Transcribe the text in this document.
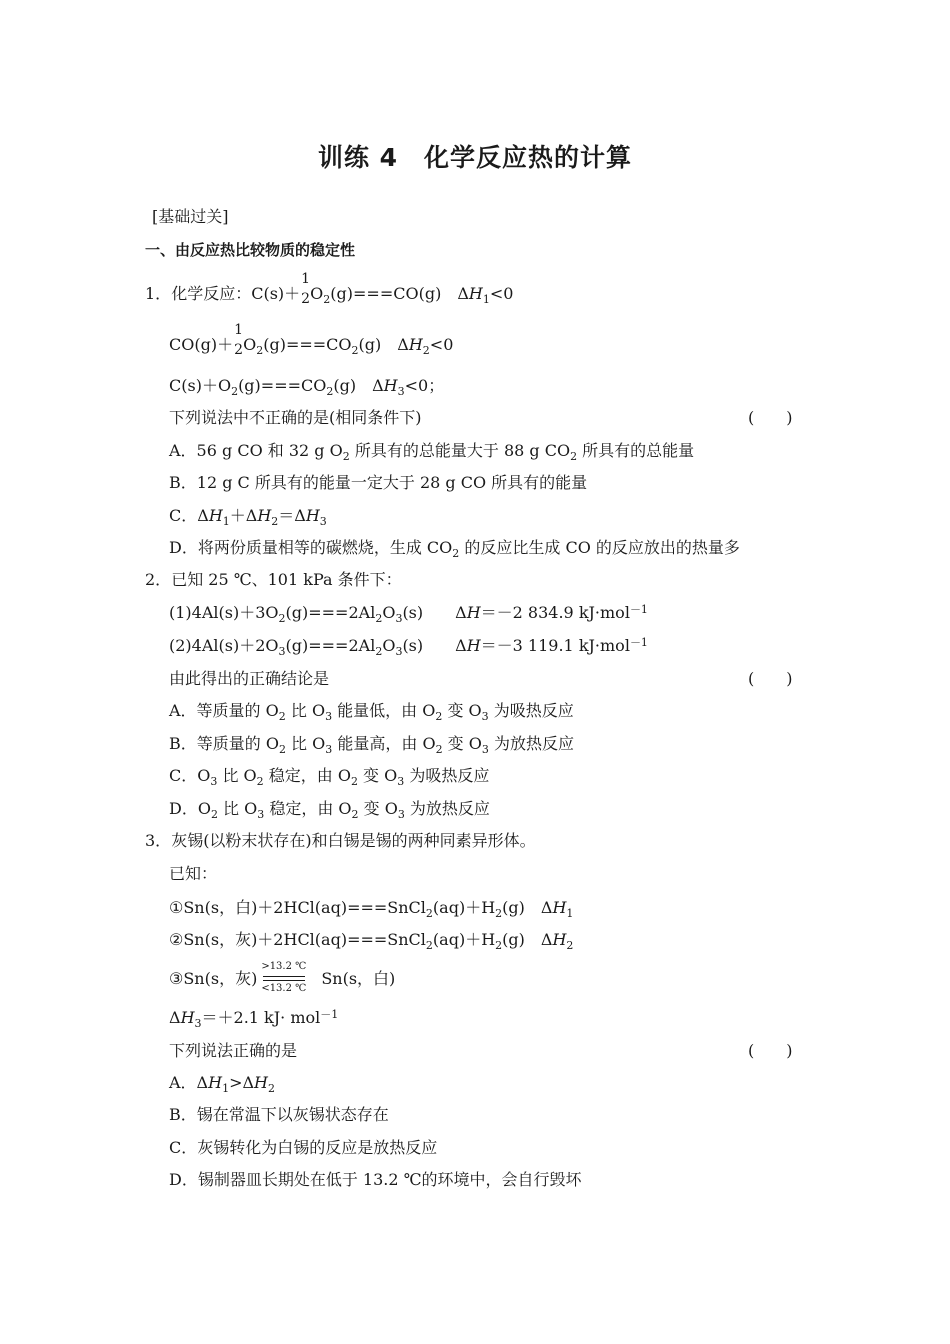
训练 4　化学反应热的计算
[基础过关]
一、由反应热比较物质的稳定性
1．化学反应：C(s)＋
1
2 $O_2(g)===CO(g)$　$\Delta H_1<0$
CO(g)＋
1
2 $O_2(g)===CO_2(g)$　$\Delta H_2<0$
$C(s)+O_2(g)===CO_2(g)$　$\Delta H_3<0$；
下列说法中不正确的是(相同条件下)	(　　)
A．56 g CO 和 32 g $O_2$ 所具有的总能量大于 88 g $CO_2$ 所具有的总能量
B．12 g C 所具有的能量一定大于 28 g CO 所具有的能量
C．$\Delta H_1+\Delta H_2=\Delta H_3$
D．将两份质量相等的碳燃烧，生成 $CO_2$ 的反应比生成 CO 的反应放出的热量多
2．已知 25 ℃、101 kPa 条件下：
$(1)4Al(s)+3O_2(g)===2Al_2O_3(s)$　　ΔH＝－2 834.9 kJ·mol$^{-1}$
$(2)4Al(s)+2O_3(g)===2Al_2O_3(s)$　　ΔH＝－3 119.1 kJ·mol$^{-1}$
由此得出的正确结论是	(　　)
A．等质量的 $O_2$ 比 $O_3$ 能量低，由 $O_2$ 变 $O_3$ 为吸热反应
B．等质量的 $O_2$ 比 $O_3$ 能量高，由 $O_2$ 变 $O_3$ 为放热反应
C．$O_3$ 比 $O_2$ 稳定，由 $O_2$ 变 $O_3$ 为吸热反应
D．$O_2$ 比 $O_3$ 稳定，由 $O_2$ 变 $O_3$ 为放热反应
3．灰锡(以粉末状存在)和白锡是锡的两种同素异形体。
已知：
①Sn(s，白)$+2HCl(aq)===SnCl_2(aq)+H_2(g)$　$\Delta H_1$
②Sn(s，灰)$+2HCl(aq)===SnCl_2(aq)+H_2(g)$　$\Delta H_2$
③Sn(s，灰) $\frac{>13.2 ℃}{<13.2 ℃} Sn(s$，白)
$\Delta H_3=+2.1$ kJ· mol$^{-1}$
下列说法正确的是	(　　)
A．$\Delta H_1>\Delta H_2$
B．锡在常温下以灰锡状态存在
C．灰锡转化为白锡的反应是放热反应
D．锡制器皿长期处在低于 13.2 ℃的环境中，会自行毁坏
